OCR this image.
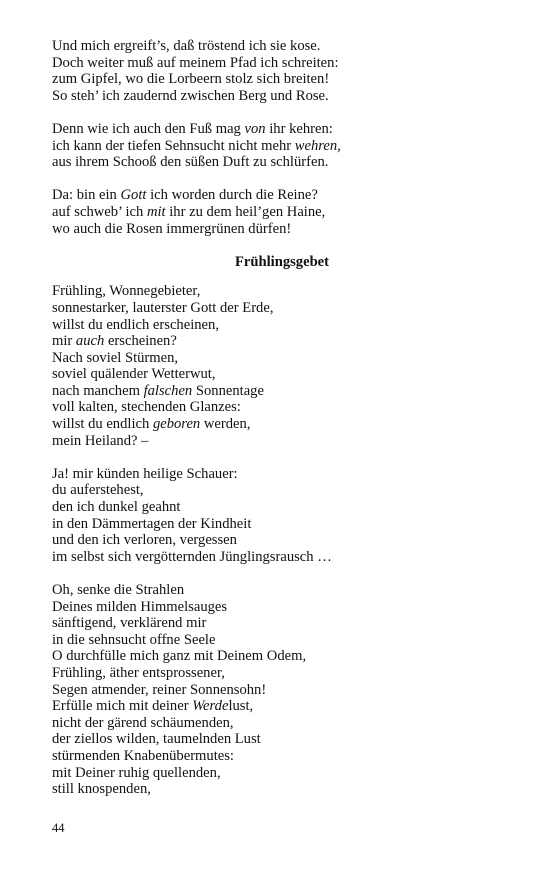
Und mich ergreift’s, daß tröstend ich sie kose.
Doch weiter muß auf meinem Pfad ich schreiten:
zum Gipfel, wo die Lorbeern stolz sich breiten!
So steh’ ich zaudernd zwischen Berg und Rose.
Denn wie ich auch den Fuß mag von ihr kehren:
ich kann der tiefen Sehnsucht nicht mehr wehren,
aus ihrem Schooß den süßen Duft zu schlürfen.
Da: bin ein Gott ich worden durch die Reine?
auf schweb’ ich mit ihr zu dem heil’gen Haine,
wo auch die Rosen immergrünen dürfen!
Frühlingsgebet
Frühling, Wonnegebieter,
sonnestarker, lauterster Gott der Erde,
willst du endlich erscheinen,
mir auch erscheinen?
Nach soviel Stürmen,
soviel quälender Wetterwut,
nach manchem falschen Sonnentage
voll kalten, stechenden Glanzes:
willst du endlich geboren werden,
mein Heiland? –
Ja! mir künden heilige Schauer:
du auferstehest,
den ich dunkel geahnt
in den Dämmertagen der Kindheit
und den ich verloren, vergessen
im selbst sich vergötternden Jünglingsrausch …
Oh, senke die Strahlen
Deines milden Himmelsauges
sänftigend, verklärend mir
in die sehnsucht offne Seele
O durchfülle mich ganz mit Deinem Odem,
Frühling, äther entsprossener,
Segen atmender, reiner Sonnensohn!
Erfülle mich mit deiner Werdelust,
nicht der gärend schäumenden,
der ziellos wilden, taumelnden Lust
stürmenden Knabenübermutes:
mit Deiner ruhig quellenden,
still knospenden,
44
